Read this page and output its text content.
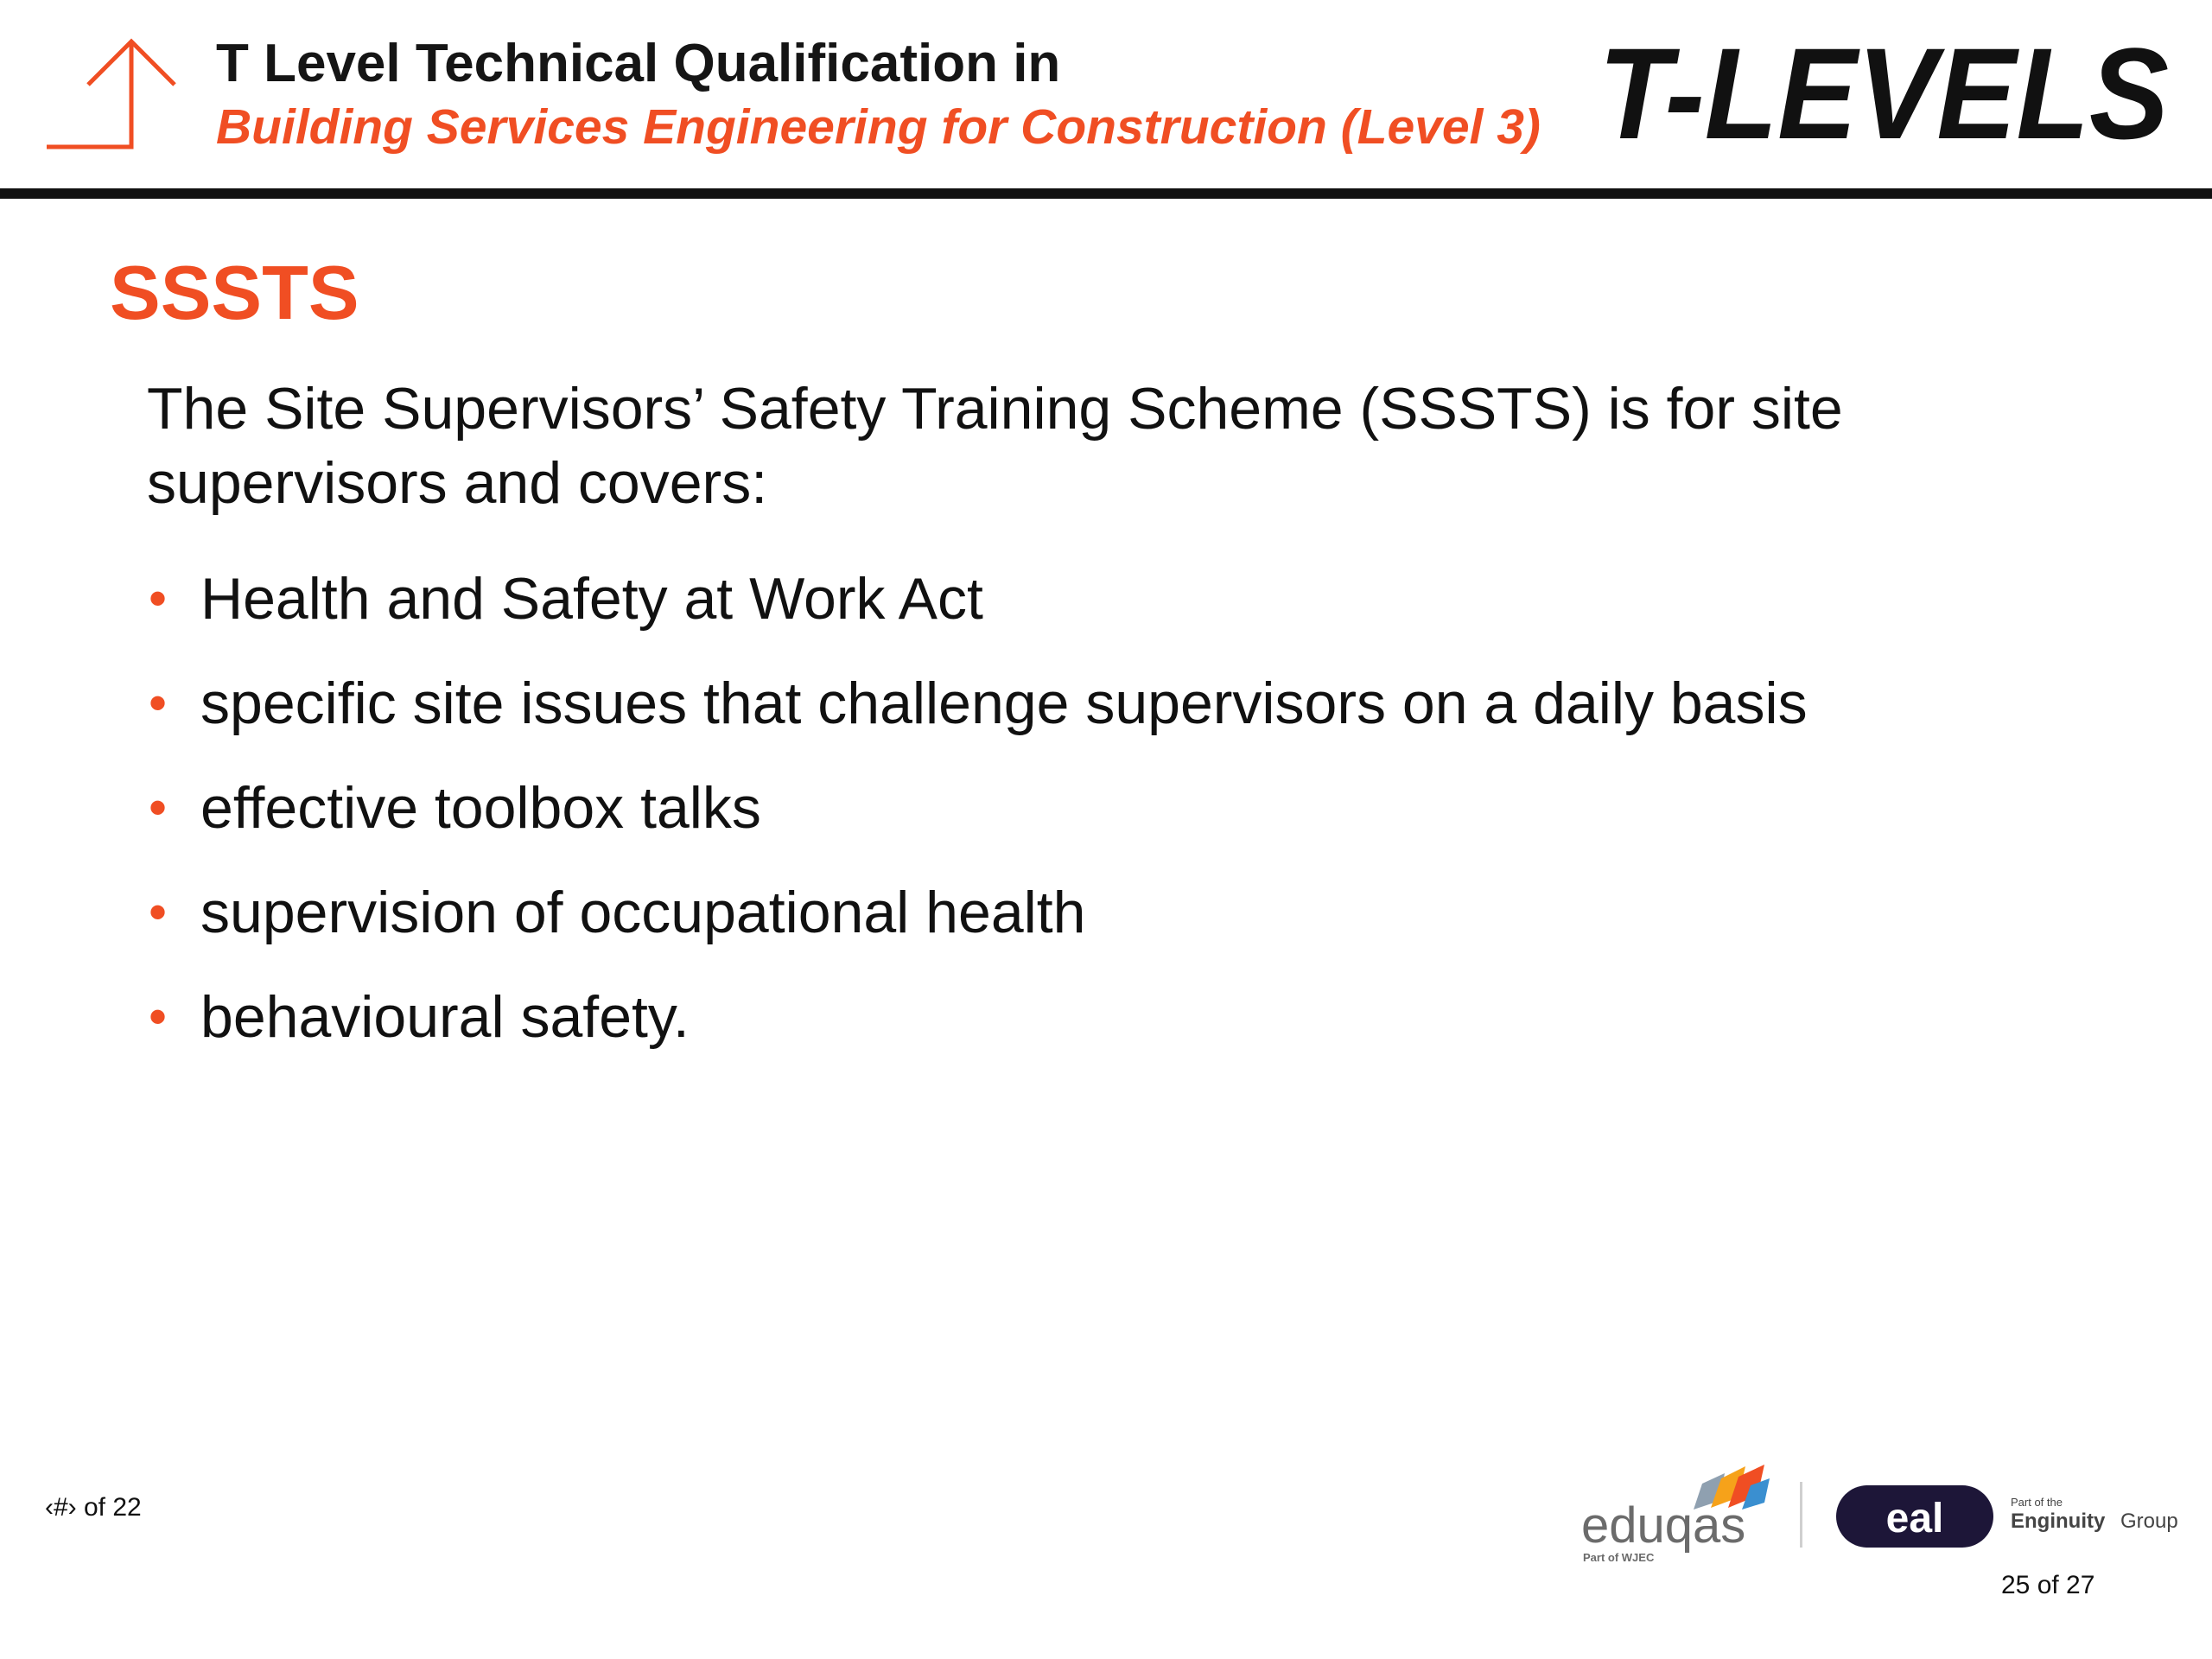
T Level Technical Qualification in
Building Services Engineering for Construction (Level 3) T-LEVELS
SSSTS
The Site Supervisors’ Safety Training Scheme (SSSTS) is for site supervisors and covers:
• Health and Safety at Work Act
• specific site issues that challenge supervisors on a daily basis
• effective toolbox talks
• supervision of occupational health
• behavioural safety.
‹#› of 22	eduqas
Part of WJEC
eal	Part of the
Enginuity Group
25 of 27
